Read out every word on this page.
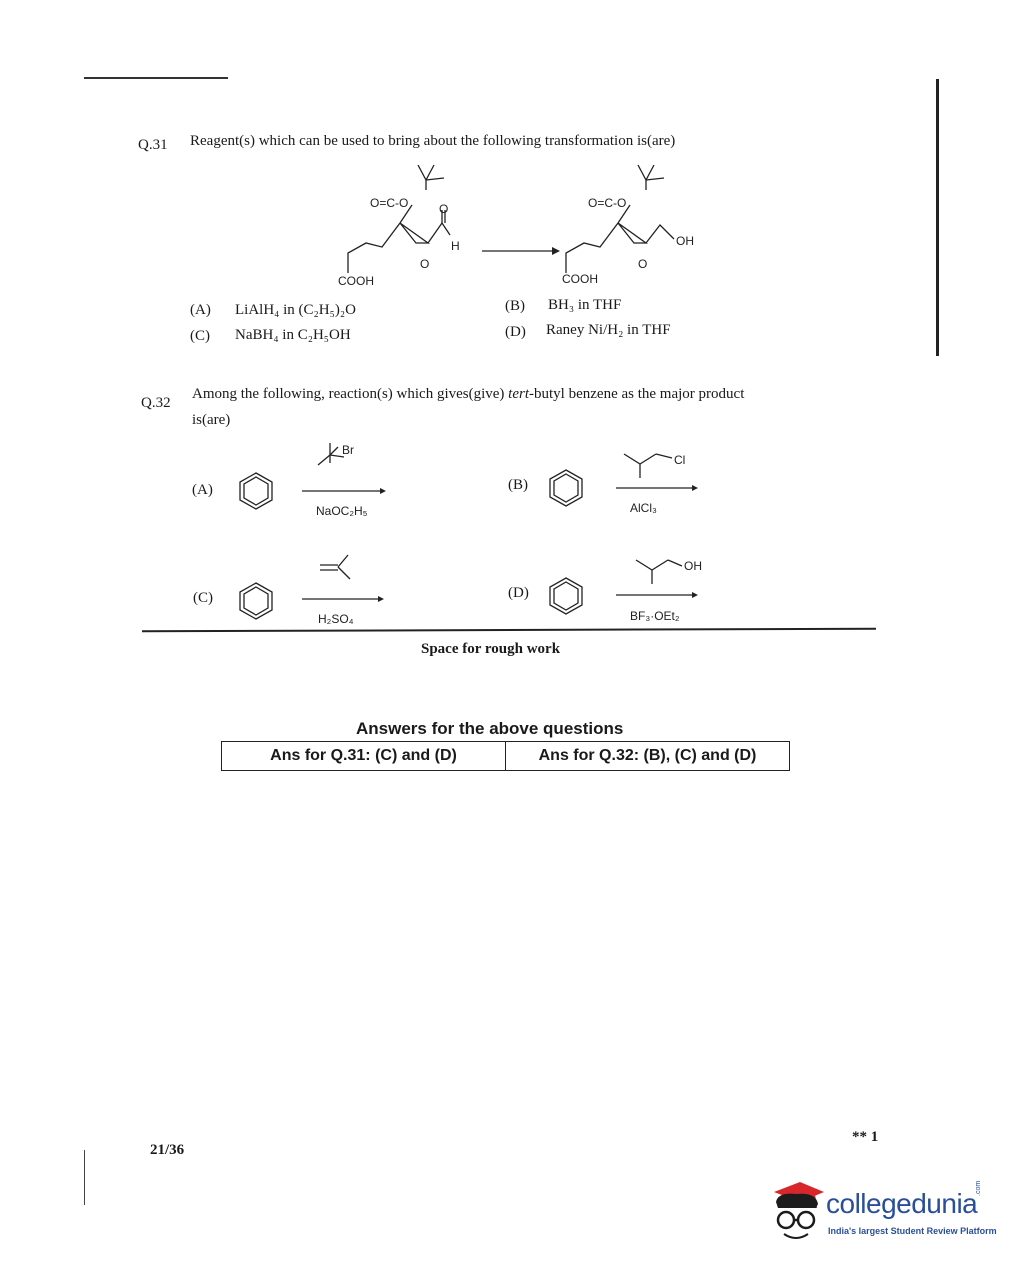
Q.31 Reagent(s) which can be used to bring about the following transformation is(are)
O=C‑O	O=C‑O
O	O
O
H	OH
COOH	COOH
(A) LiAlH₄ in (C₂H₅)₂O	(B) BH₃ in THF
(C) NaBH₄ in C₂H₅OH	(D) Raney Ni/H₂ in THF
Q.32
Among the following, reaction(s) which gives(give) tert-butyl benzene as the major product
is(are)
(A)
Br
NaOC₂H₅
(B)
Cl
AlCl₃
(C)
H₂SO₄
(D)
OH
BF₃·OEt₂
Space for rough work
Answers for the above questions
Ans for Q.31: (C) and (D)	Ans for Q.32: (B), (C) and (D)
** 1
21/36
collegedunia
.com
India's largest Student Review Platform
